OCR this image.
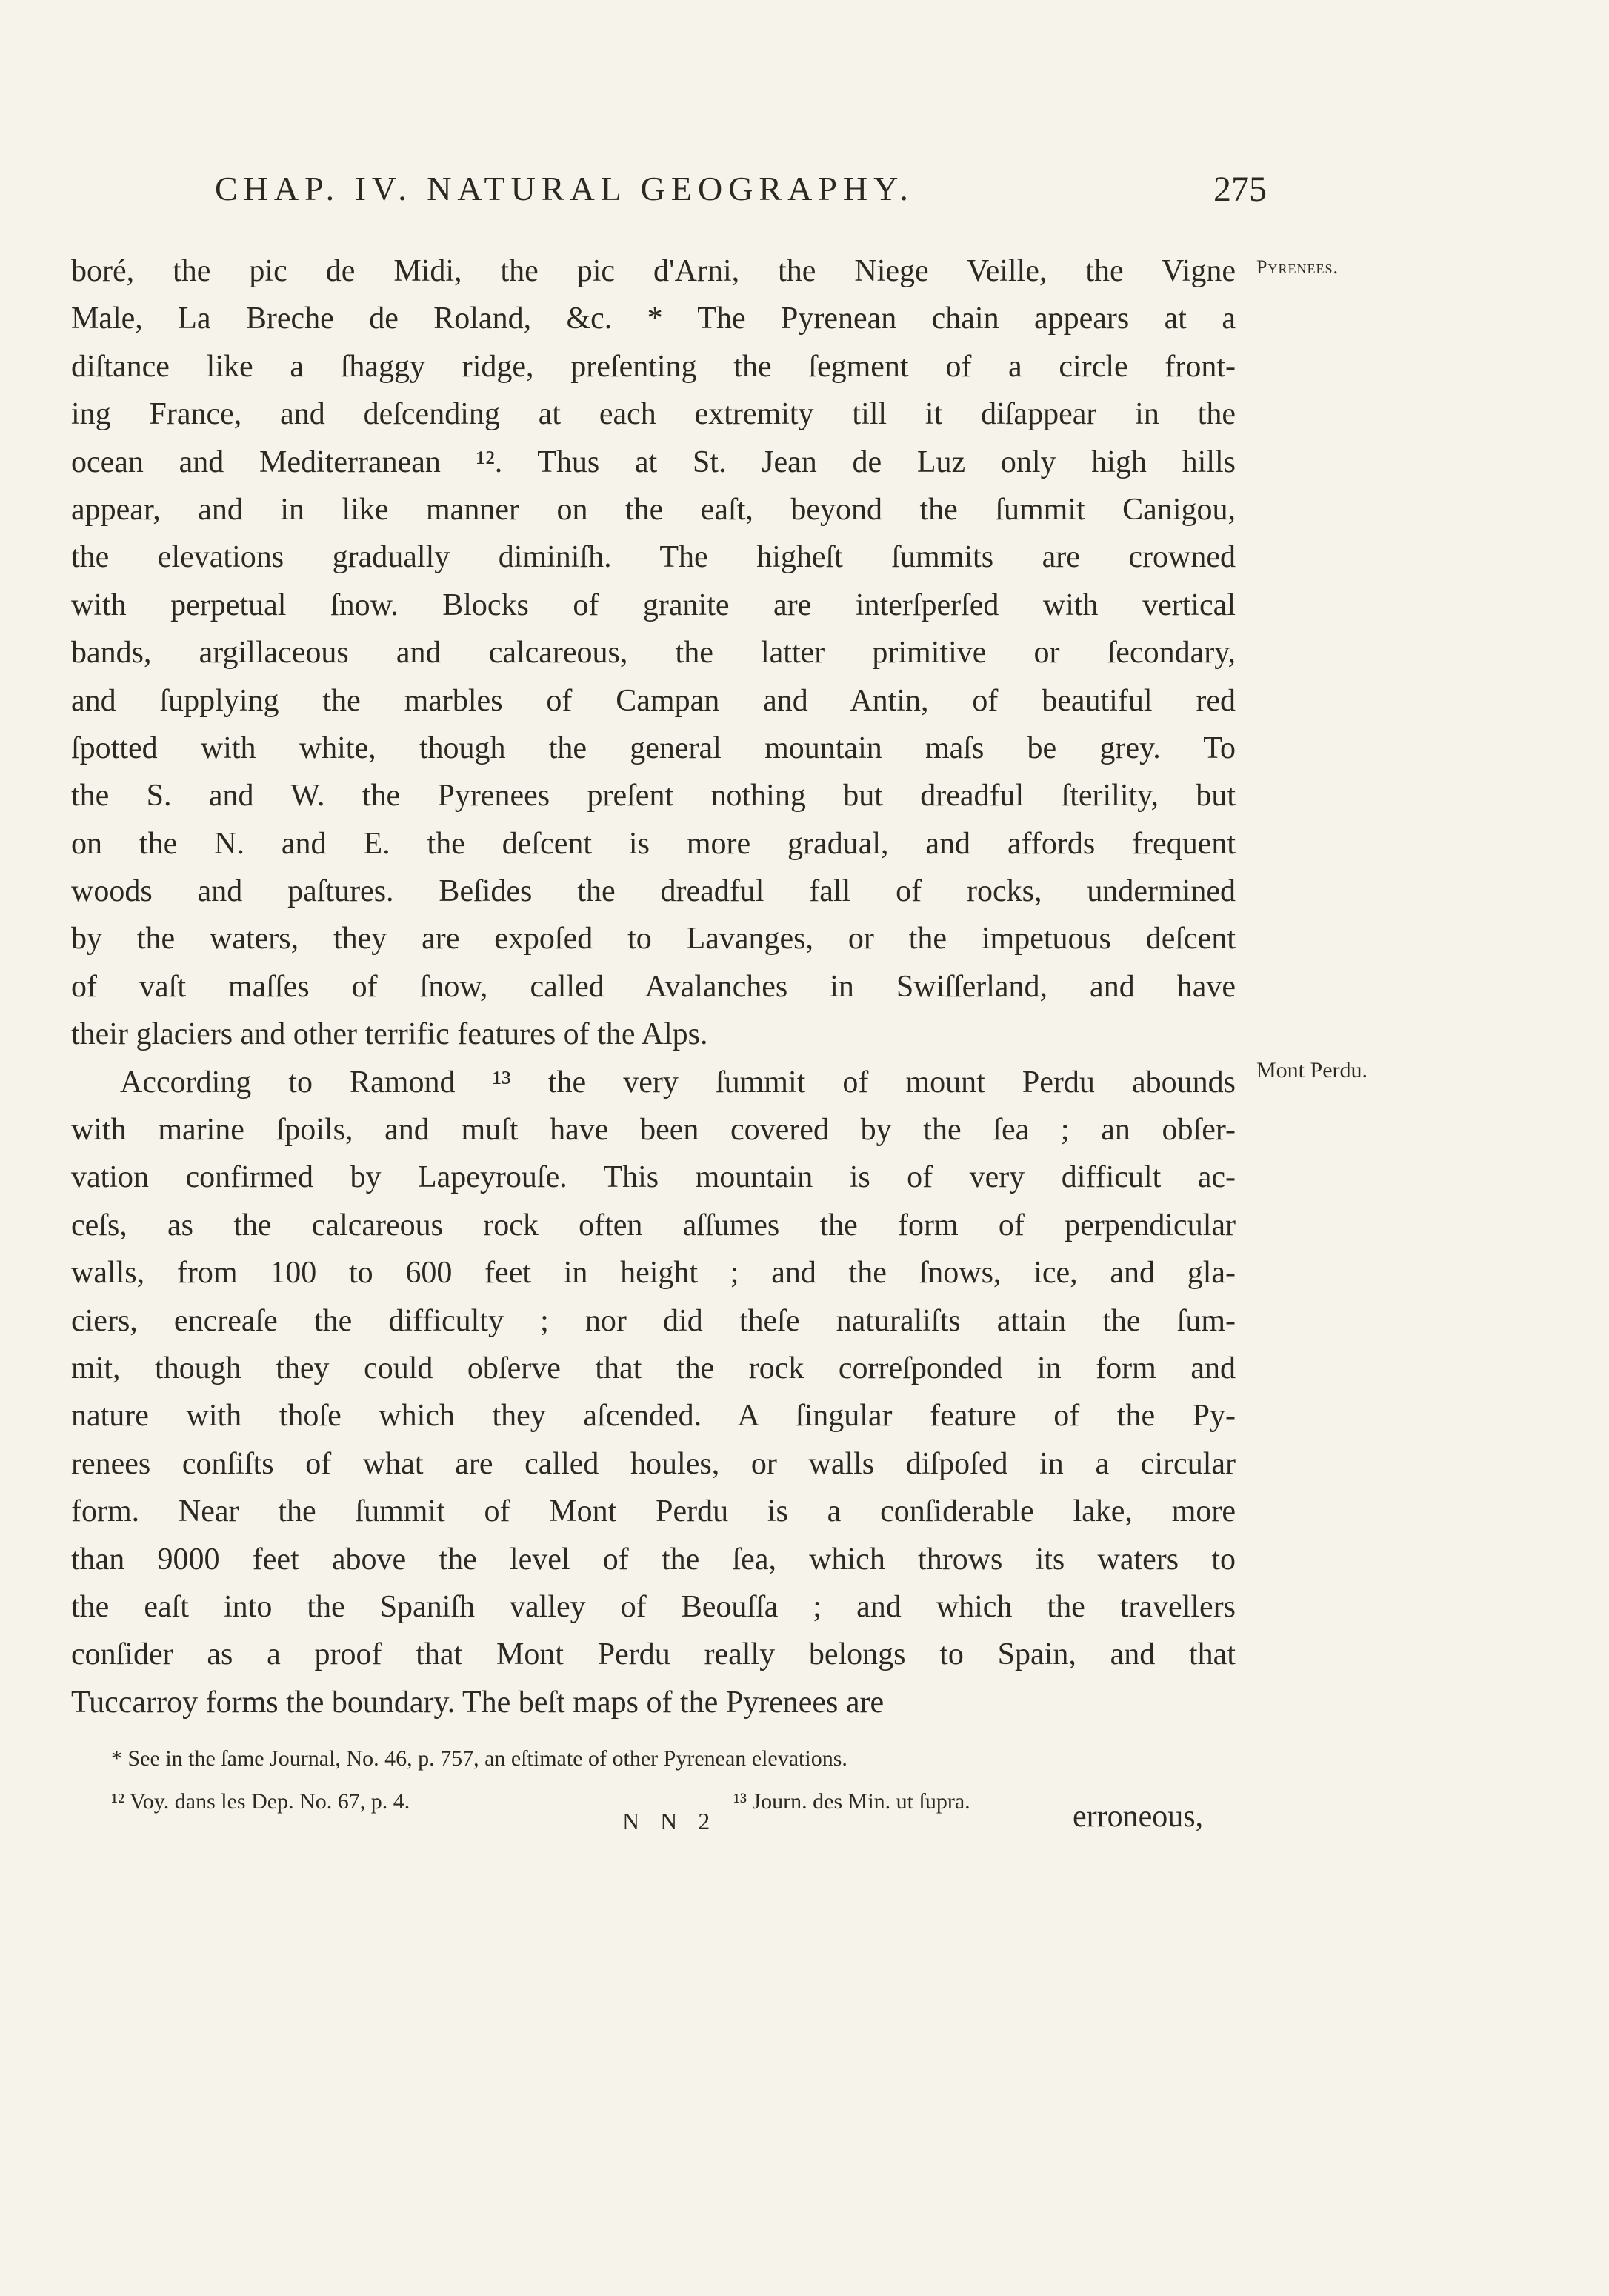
CHAP. IV. NATURAL GEOGRAPHY.	275
Pyrenees.
Mont Perdu.
boré, the pic de Midi, the pic d'Arni, the Niege Veille, the Vigne
Male, La Breche de Roland, &c. * The Pyrenean chain appears at a
diſtance like a ſhaggy ridge, preſenting the ſegment of a circle front-
ing France, and deſcending at each extremity till it diſappear in the
ocean and Mediterranean ¹². Thus at St. Jean de Luz only high hills
appear, and in like manner on the eaſt, beyond the ſummit Canigou,
the elevations gradually diminiſh. The higheſt ſummits are crowned
with perpetual ſnow. Blocks of granite are interſperſed with vertical
bands, argillaceous and calcareous, the latter primitive or ſecondary,
and ſupplying the marbles of Campan and Antin, of beautiful red
ſpotted with white, though the general mountain maſs be grey. To
the S. and W. the Pyrenees preſent nothing but dreadful ſterility, but
on the N. and E. the deſcent is more gradual, and affords frequent
woods and paſtures. Beſides the dreadful fall of rocks, undermined
by the waters, they are expoſed to Lavanges, or the impetuous deſcent
of vaſt maſſes of ſnow, called Avalanches in Swiſſerland, and have
their glaciers and other terrific features of the Alps.
According to Ramond ¹³ the very ſummit of mount Perdu abounds
with marine ſpoils, and muſt have been covered by the ſea ; an obſer-
vation confirmed by Lapeyrouſe. This mountain is of very difficult ac-
ceſs, as the calcareous rock often aſſumes the form of perpendicular
walls, from 100 to 600 feet in height ; and the ſnows, ice, and gla-
ciers, encreaſe the difficulty ; nor did theſe naturaliſts attain the ſum-
mit, though they could obſerve that the rock correſponded in form and
nature with thoſe which they aſcended. A ſingular feature of the Py-
renees conſiſts of what are called houles, or walls diſpoſed in a circular
form. Near the ſummit of Mont Perdu is a conſiderable lake, more
than 9000 feet above the level of the ſea, which throws its waters to
the eaſt into the Spaniſh valley of Beouſſa ; and which the travellers
conſider as a proof that Mont Perdu really belongs to Spain, and that
Tuccarroy forms the boundary. The beſt maps of the Pyrenees are
* See in the ſame Journal, No. 46, p. 757, an eſtimate of other Pyrenean elevations.
¹² Voy. dans les Dep. No. 67, p. 4.	¹³ Journ. des Min. ut ſupra.
N N 2	erroneous,
